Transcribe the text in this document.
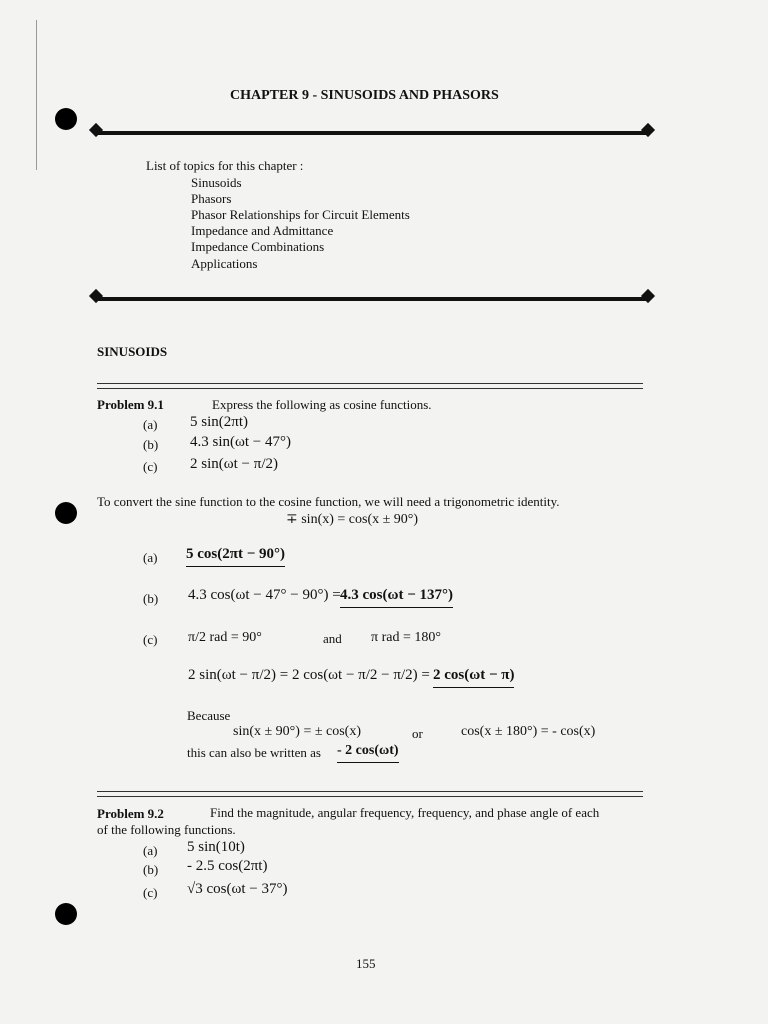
CHAPTER 9 - SINUSOIDS AND PHASORS
List of topics for this chapter :
Sinusoids
Phasors
Phasor Relationships for Circuit Elements
Impedance and Admittance
Impedance Combinations
Applications
SINUSOIDS
Problem 9.1	Express the following as cosine functions.
(a) 5 sin(2πt)
(b) 4.3 sin(ωt − 47°)
(c) 2 sin(ωt − π/2)
To convert the sine function to the cosine function, we will need a trigonometric identity.
∓ sin(x) = cos(x ± 90°)
(a) 5 cos(2πt − 90°)
(b) 4.3 cos(ωt − 47° − 90°) = 4.3 cos(ωt − 137°)
(c) π/2 rad = 90°	and π rad = 180°
2 sin(ωt − π/2) = 2 cos(ωt − π/2 − π/2) = 2 cos(ωt − π)
Because
sin(x ± 90°) = ± cos(x)	or	cos(x ± 180°) = - cos(x)
this can also be written as - 2 cos(ωt)
Problem 9.2	Find the magnitude, angular frequency, frequency, and phase angle of each
of the following functions.
(a) 5 sin(10t)
(b) - 2.5 cos(2πt)
(c) √3 cos(ωt − 37°)
155
